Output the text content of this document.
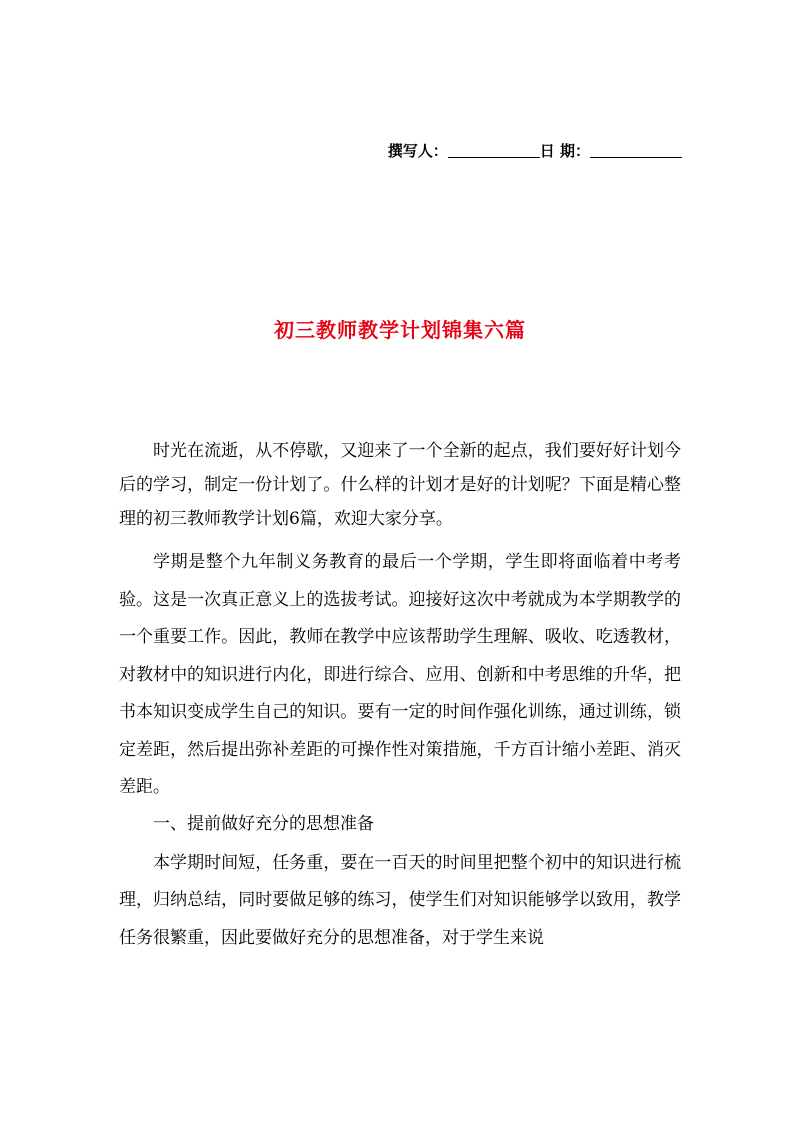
撰写人：	日 期：
初三教师教学计划锦集六篇

时光在流逝，从不停歇，又迎来了一个全新的起点，我们要好好计划今后的学习，制定一份计划了。什么样的计划才是好的计划呢？下面是精心整理的初三教师教学计划6篇，欢迎大家分享。

学期是整个九年制义务教育的最后一个学期，学生即将面临着中考考验。这是一次真正意义上的选拔考试。迎接好这次中考就成为本学期教学的一个重要工作。因此，教师在教学中应该帮助学生理解、吸收、吃透教材，对教材中的知识进行内化，即进行综合、应用、创新和中考思维的升华，把书本知识变成学生自己的知识。要有一定的时间作强化训练，通过训练，锁定差距，然后提出弥补差距的可操作性对策措施，千方百计缩小差距、消灭差距。

一、提前做好充分的思想准备

本学期时间短，任务重，要在一百天的时间里把整个初中的知识进行梳理，归纳总结，同时要做足够的练习，使学生们对知识能够学以致用，教学任务很繁重，因此要做好充分的思想准备，对于学生来说
